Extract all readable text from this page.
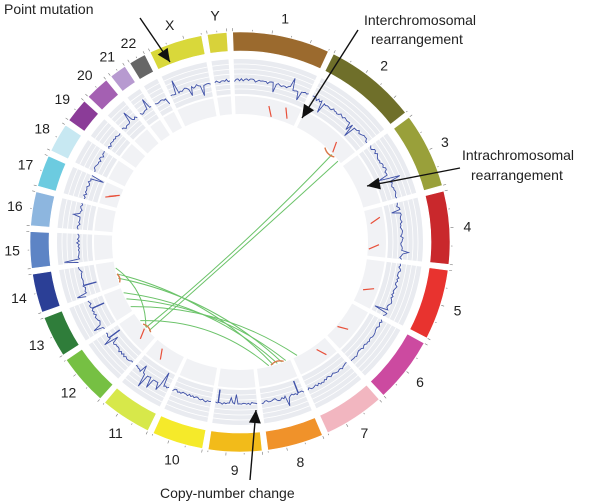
1
2
3
4
5
6
7
8
9
10
11
12
13
14
15
16
17
18
19
20
21
22
X
Y
Point mutation
Interchromosomal
rearrangement
Intrachromosomal
rearrangement
Copy-number change
